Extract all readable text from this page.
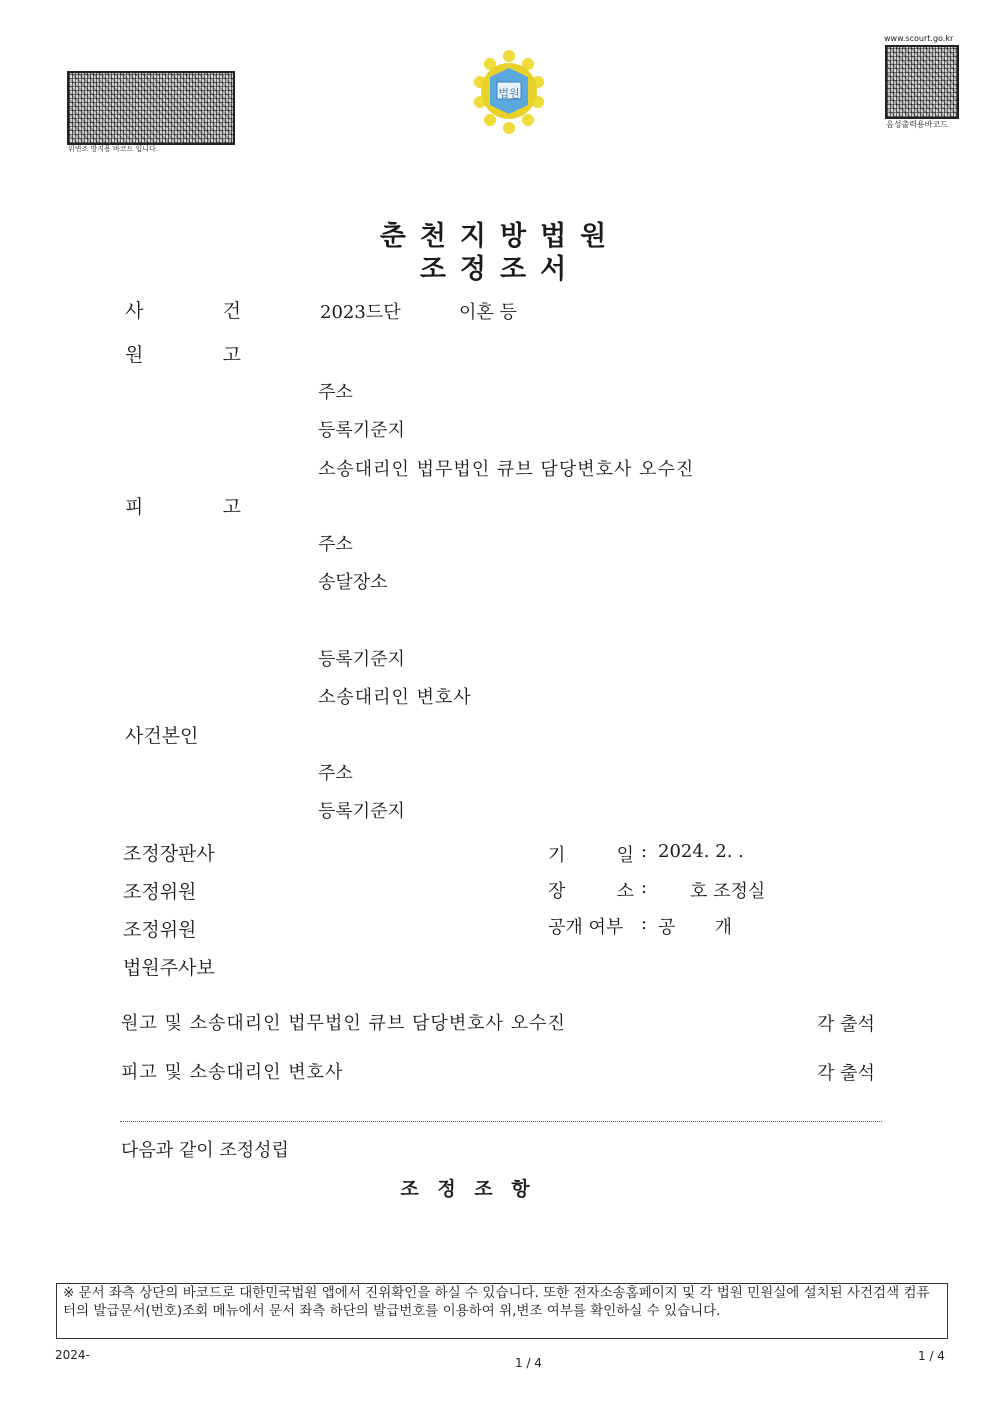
위변조 방지용 바코드 입니다.
법원
www.scourt.go.kr
음성출력용바코드
춘천지방법원
조정조서
사 건	2023드단	이혼 등
원 고
주소
등록기준지
소송대리인 법무법인 큐브 담당변호사 오수진
피 고
주소
송달장소
등록기준지
소송대리인 변호사
사건본인
주소
등록기준지
조정장판사
조정위원
조정위원
법원주사보
기 일 : 2024. 2. .
장 소 : 호 조정실
공개 여부 : 공 개
원고 및 소송대리인 법무법인 큐브 담당변호사 오수진	각 출석
피고 및 소송대리인 변호사	각 출석
다음과 같이 조정성립
조 정 조 항
※ 문서 좌측 상단의 바코드로 대한민국법원 앱에서 진위확인을 하실 수 있습니다. 또한 전자소송홈페이지 및 각 법원 민원실에 설치된 사건검색 컴퓨터의 발급문서(번호)조회 메뉴에서 문서 좌측 하단의 발급번호를 이용하여 위,변조 여부를 확인하실 수 있습니다.
2024-
1 / 4	1 / 4
